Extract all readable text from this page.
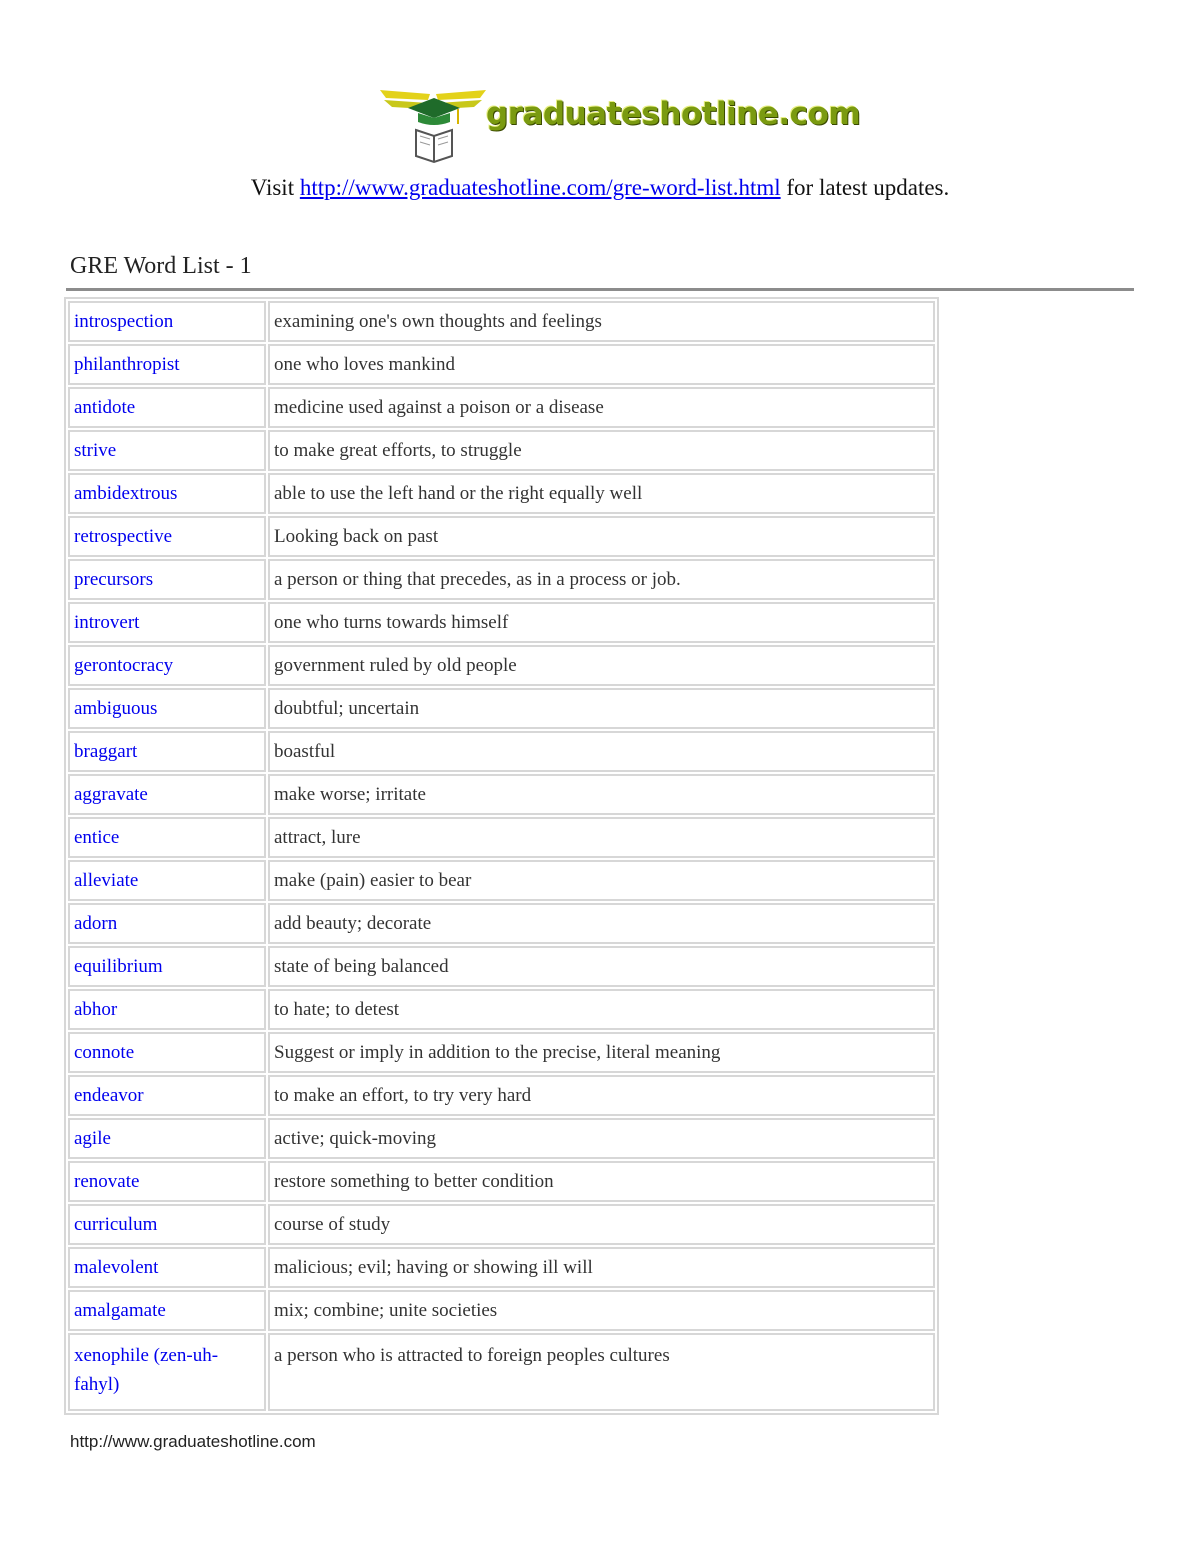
graduateshotline.com
Visit http://www.graduateshotline.com/gre-word-list.html for latest updates.
GRE Word List - 1
introspection	examining one's own thoughts and feelings
philanthropist	one who loves mankind
antidote	medicine used against a poison or a disease
strive	to make great efforts, to struggle
ambidextrous	able to use the left hand or the right equally well
retrospective	Looking back on past
precursors	a person or thing that precedes, as in a process or job.
introvert	one who turns towards himself
gerontocracy	government ruled by old people
ambiguous	doubtful; uncertain
braggart	boastful
aggravate	make worse; irritate
entice	attract, lure
alleviate	make (pain) easier to bear
adorn	add beauty; decorate
equilibrium	state of being balanced
abhor	to hate; to detest
connote	Suggest or imply in addition to the precise, literal meaning
endeavor	to make an effort, to try very hard
agile	active; quick-moving
renovate	restore something to better condition
curriculum	course of study
malevolent	malicious; evil; having or showing ill will
amalgamate	mix; combine; unite societies
xenophile (zen-uh-fahyl)	a person who is attracted to foreign peoples cultures
http://www.graduateshotline.com
